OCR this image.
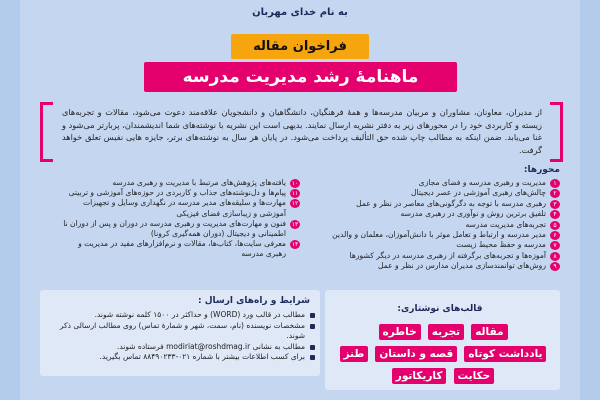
به نام خدای مهربان
فراخوان مقاله
ماهنامهٔ رشد مدیریت مدرسه
از مدیران، معاونان، مشاوران و مربیان مدرسه‌ها و همهٔ فرهنگیان، دانشگاهیان و دانشجویان علاقه‌مند دعوت می‌شود، مقالات و تجربه‌های زیسته و کاربردی خود را در محورهای زیر به دفتر نشریه ارسال نمایند. بدیهی است این نشریه با نوشته‌های شما اندیشمندان، پربارتر می‌شود و غنا می‌یابد. ضمن اینکه به مطالب چاپ شده حق التألیف پرداخت می‌شود. در پایان هر سال به نوشته‌های برتر، جایزه هایی نفیس تعلق خواهد گرفت.
محورها:
۱
مدیریت و رهبری مدرسه و فضای مجازی
۲
چالش‌های رهبری آموزشی در عصر دیجیتال
۳
رهبری مدرسه با توجه به دگرگونی‌های معاصر در نظر و عمل
۴
تلفیق برترین روش و نوآوری در رهبری مدرسه
۵
تجربه‌های مدیریت مدرسه
۶
مدیر مدرسه و ارتباط و تعامل موثر با دانش‌آموزان، معلمان و والدین
۷
مدرسه و حفظ محیط زیست
۸
آموزه‌ها و تجربه‌های برگرفته از رهبری مدرسه در دیگر کشورها
۹
روش‌های توانمندسازی مدیران مدارس در نظر و عمل
۱۰
یافته‌های پژوهش‌های مرتبط با مدیریت و رهبری مدرسه
۱۱
پیام‌ها و دل‌نوشته‌های جذاب و کاربردی در حوزه‌های آموزشی و تربیتی
۱۲
مهارت‌ها و سلیقه‌های مدیر مدرسه در نگهداری وسایل و تجهیزات آموزشی و زیباسازی فضای فیزیکی
۱۳
فنون و مهارت‌های مدیریت و رهبری مدرسه در دوران و پس از دوران نا اطمینانی و دیجیتال (دوران همه‌گیری کرونا)
۱۴
معرفی سایت‌ها، کتاب‌ها، مقالات و نرم‌افزارهای مفید در مدیریت و رهبری مدرسه
شرایط و راه‌های ارسال :
مطالب در قالب ورد (WORD) و حداکثر در ۱۵۰۰ کلمه نوشته شوند.
مشخصات نویسنده (نام، سمت، شهر و شمارهٔ تماس) روی مطالب ارسالی ذکر شوند.
مطالب به نشانی modiriat@roshdmag.ir فرستاده شوند.
برای کسب اطلاعات بیشتر با شماره ۰۲۱-۸۸۴۹۰۲۳۳ تماس بگیرید.
قالب‌های نوشتاری:
مقاله تجربه خاطره یادداشت کوتاه قصه و داستان طنز حکایت کاریکاتور
